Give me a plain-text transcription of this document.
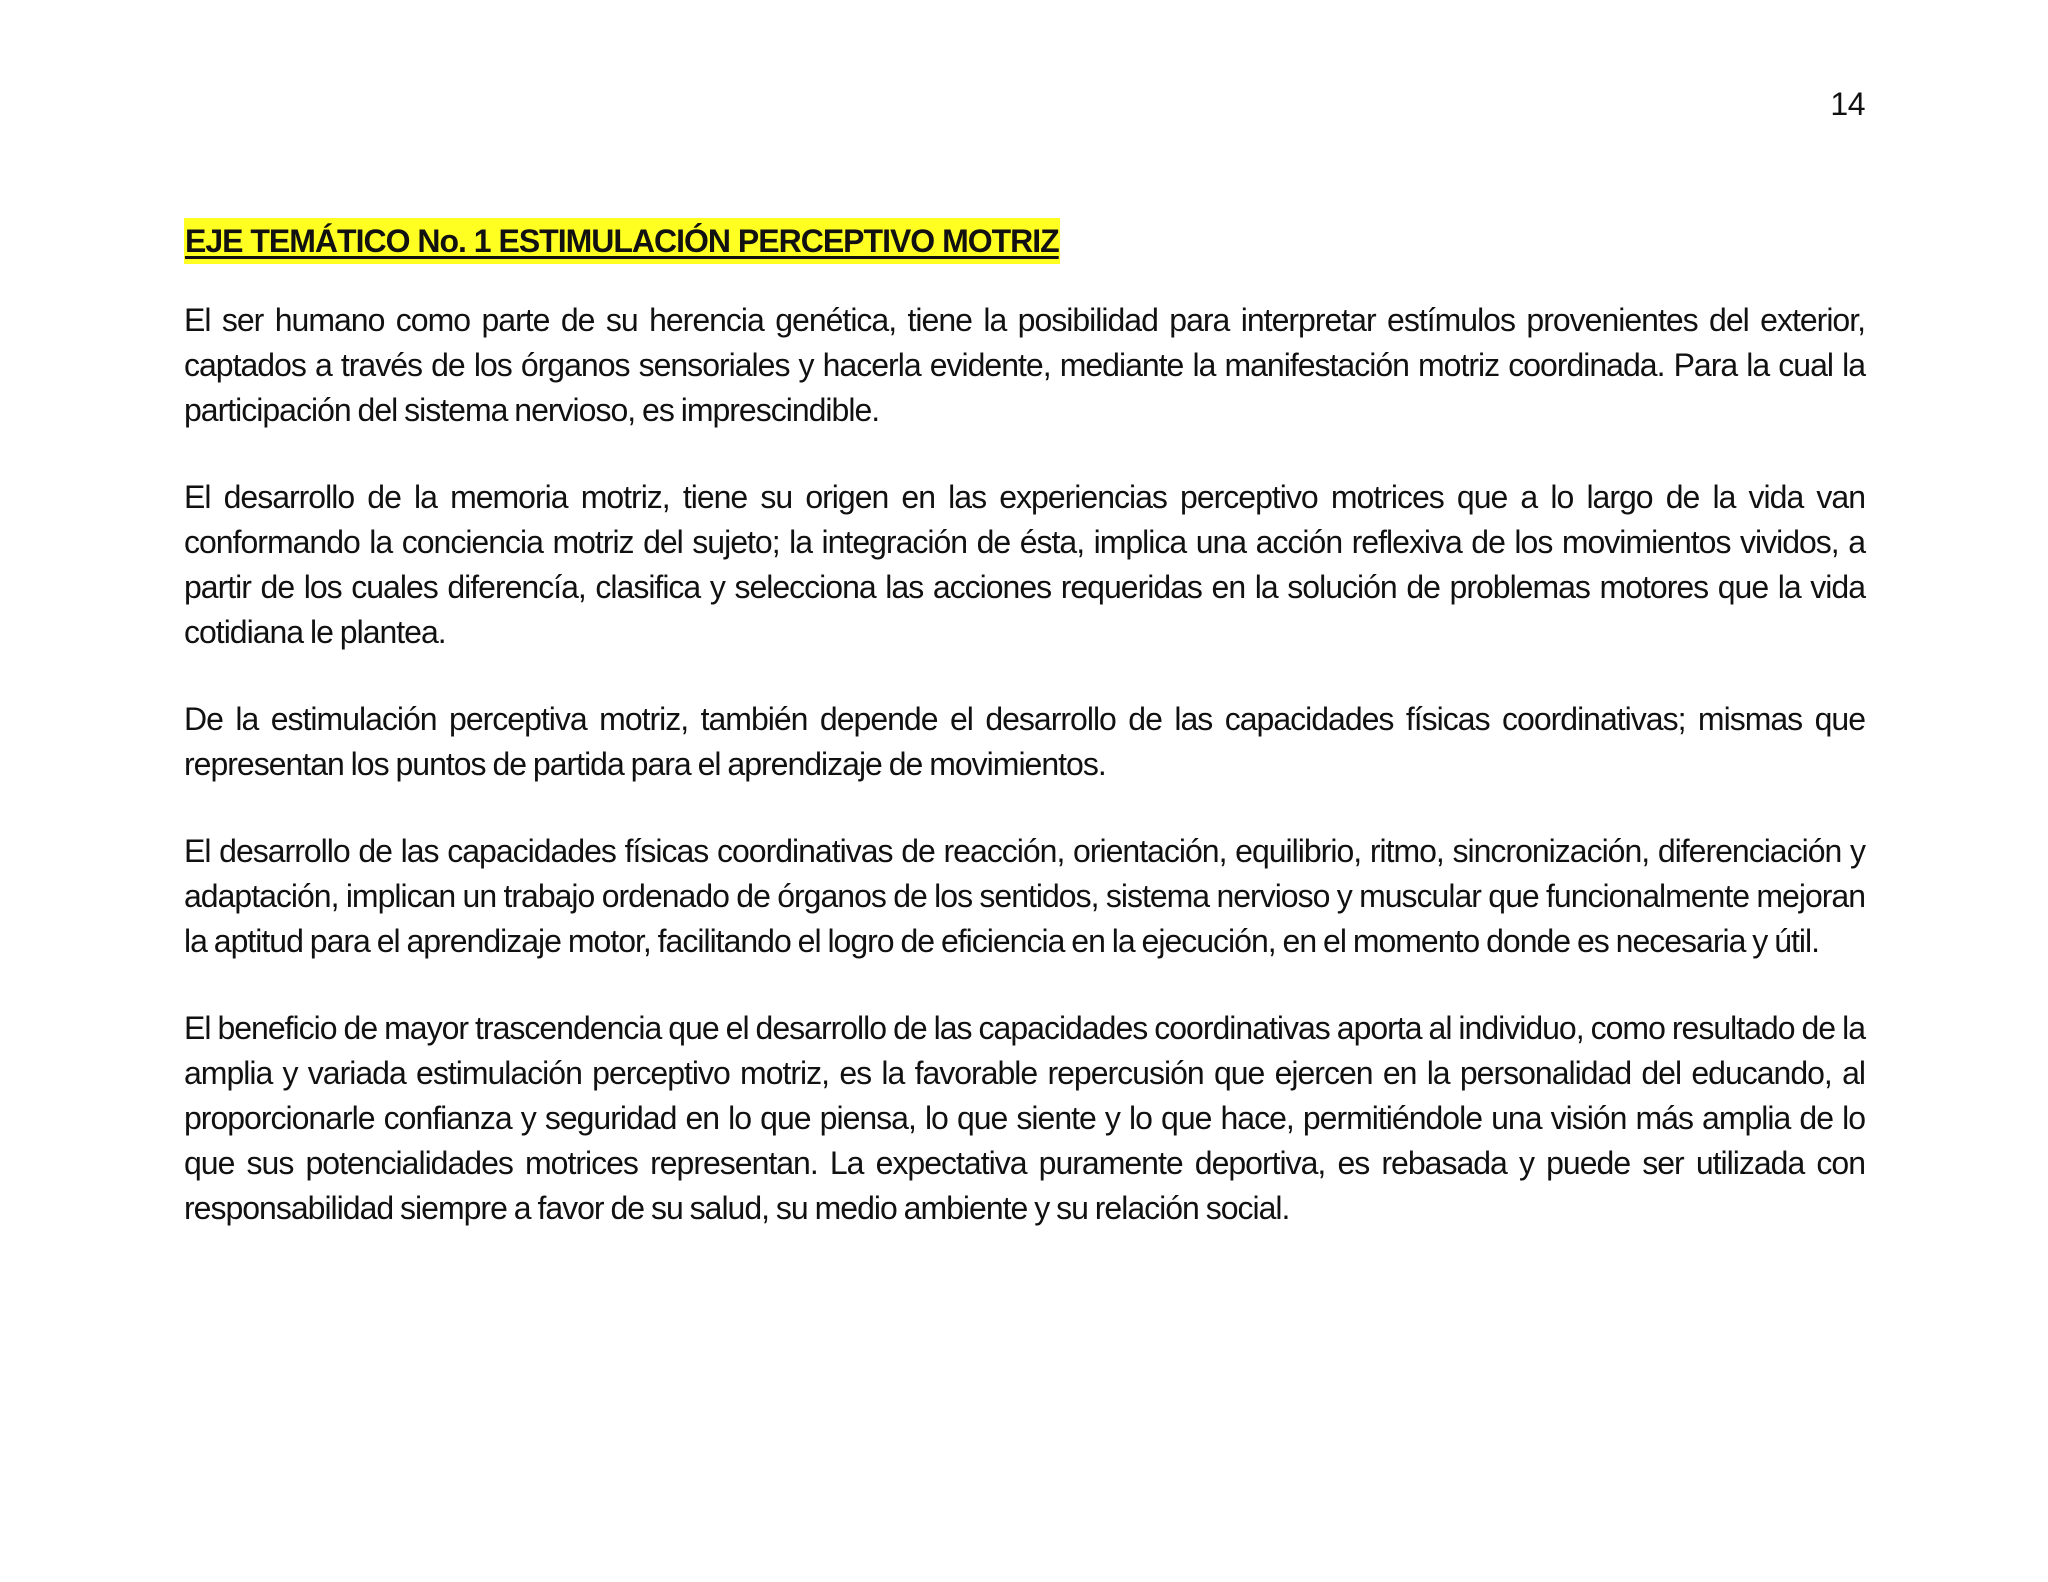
14
EJE TEMÁTICO No. 1 ESTIMULACIÓN PERCEPTIVO MOTRIZ

El ser humano como parte de su herencia genética, tiene la posibilidad para interpretar estímulos provenientes del exterior, captados a través de los órganos sensoriales y hacerla evidente, mediante la manifestación motriz coordinada. Para la cual la participación del sistema nervioso, es imprescindible.

El desarrollo de la memoria motriz, tiene su origen en las experiencias perceptivo motrices que a lo largo de la vida van conformando la conciencia motriz del sujeto; la integración de ésta, implica una acción reflexiva de los movimientos vividos, a partir de los cuales diferencía, clasifica y selecciona las acciones requeridas en la solución de problemas motores que la vida cotidiana le plantea.

De la estimulación perceptiva motriz, también depende el desarrollo de las capacidades físicas coordinativas; mismas que representan los puntos de partida para el aprendizaje de movimientos.

El desarrollo de las capacidades físicas coordinativas de reacción, orientación, equilibrio, ritmo, sincronización, diferenciación y adaptación, implican un trabajo ordenado de órganos de los sentidos, sistema nervioso y muscular que funcionalmente mejoran la aptitud para el aprendizaje motor, facilitando el logro de eficiencia en la ejecución, en el momento donde es necesaria y útil.

El beneficio de mayor trascendencia que el desarrollo de las capacidades coordinativas aporta al individuo, como resultado de la amplia y variada estimulación perceptivo motriz, es la favorable repercusión que ejercen en la personalidad del educando, al proporcionarle confianza y seguridad en lo que piensa, lo que siente y lo que hace, permitiéndole una visión más amplia de lo que sus potencialidades motrices representan. La expectativa puramente deportiva, es rebasada y puede ser utilizada con responsabilidad siempre a favor de su salud, su medio ambiente y su relación social.
